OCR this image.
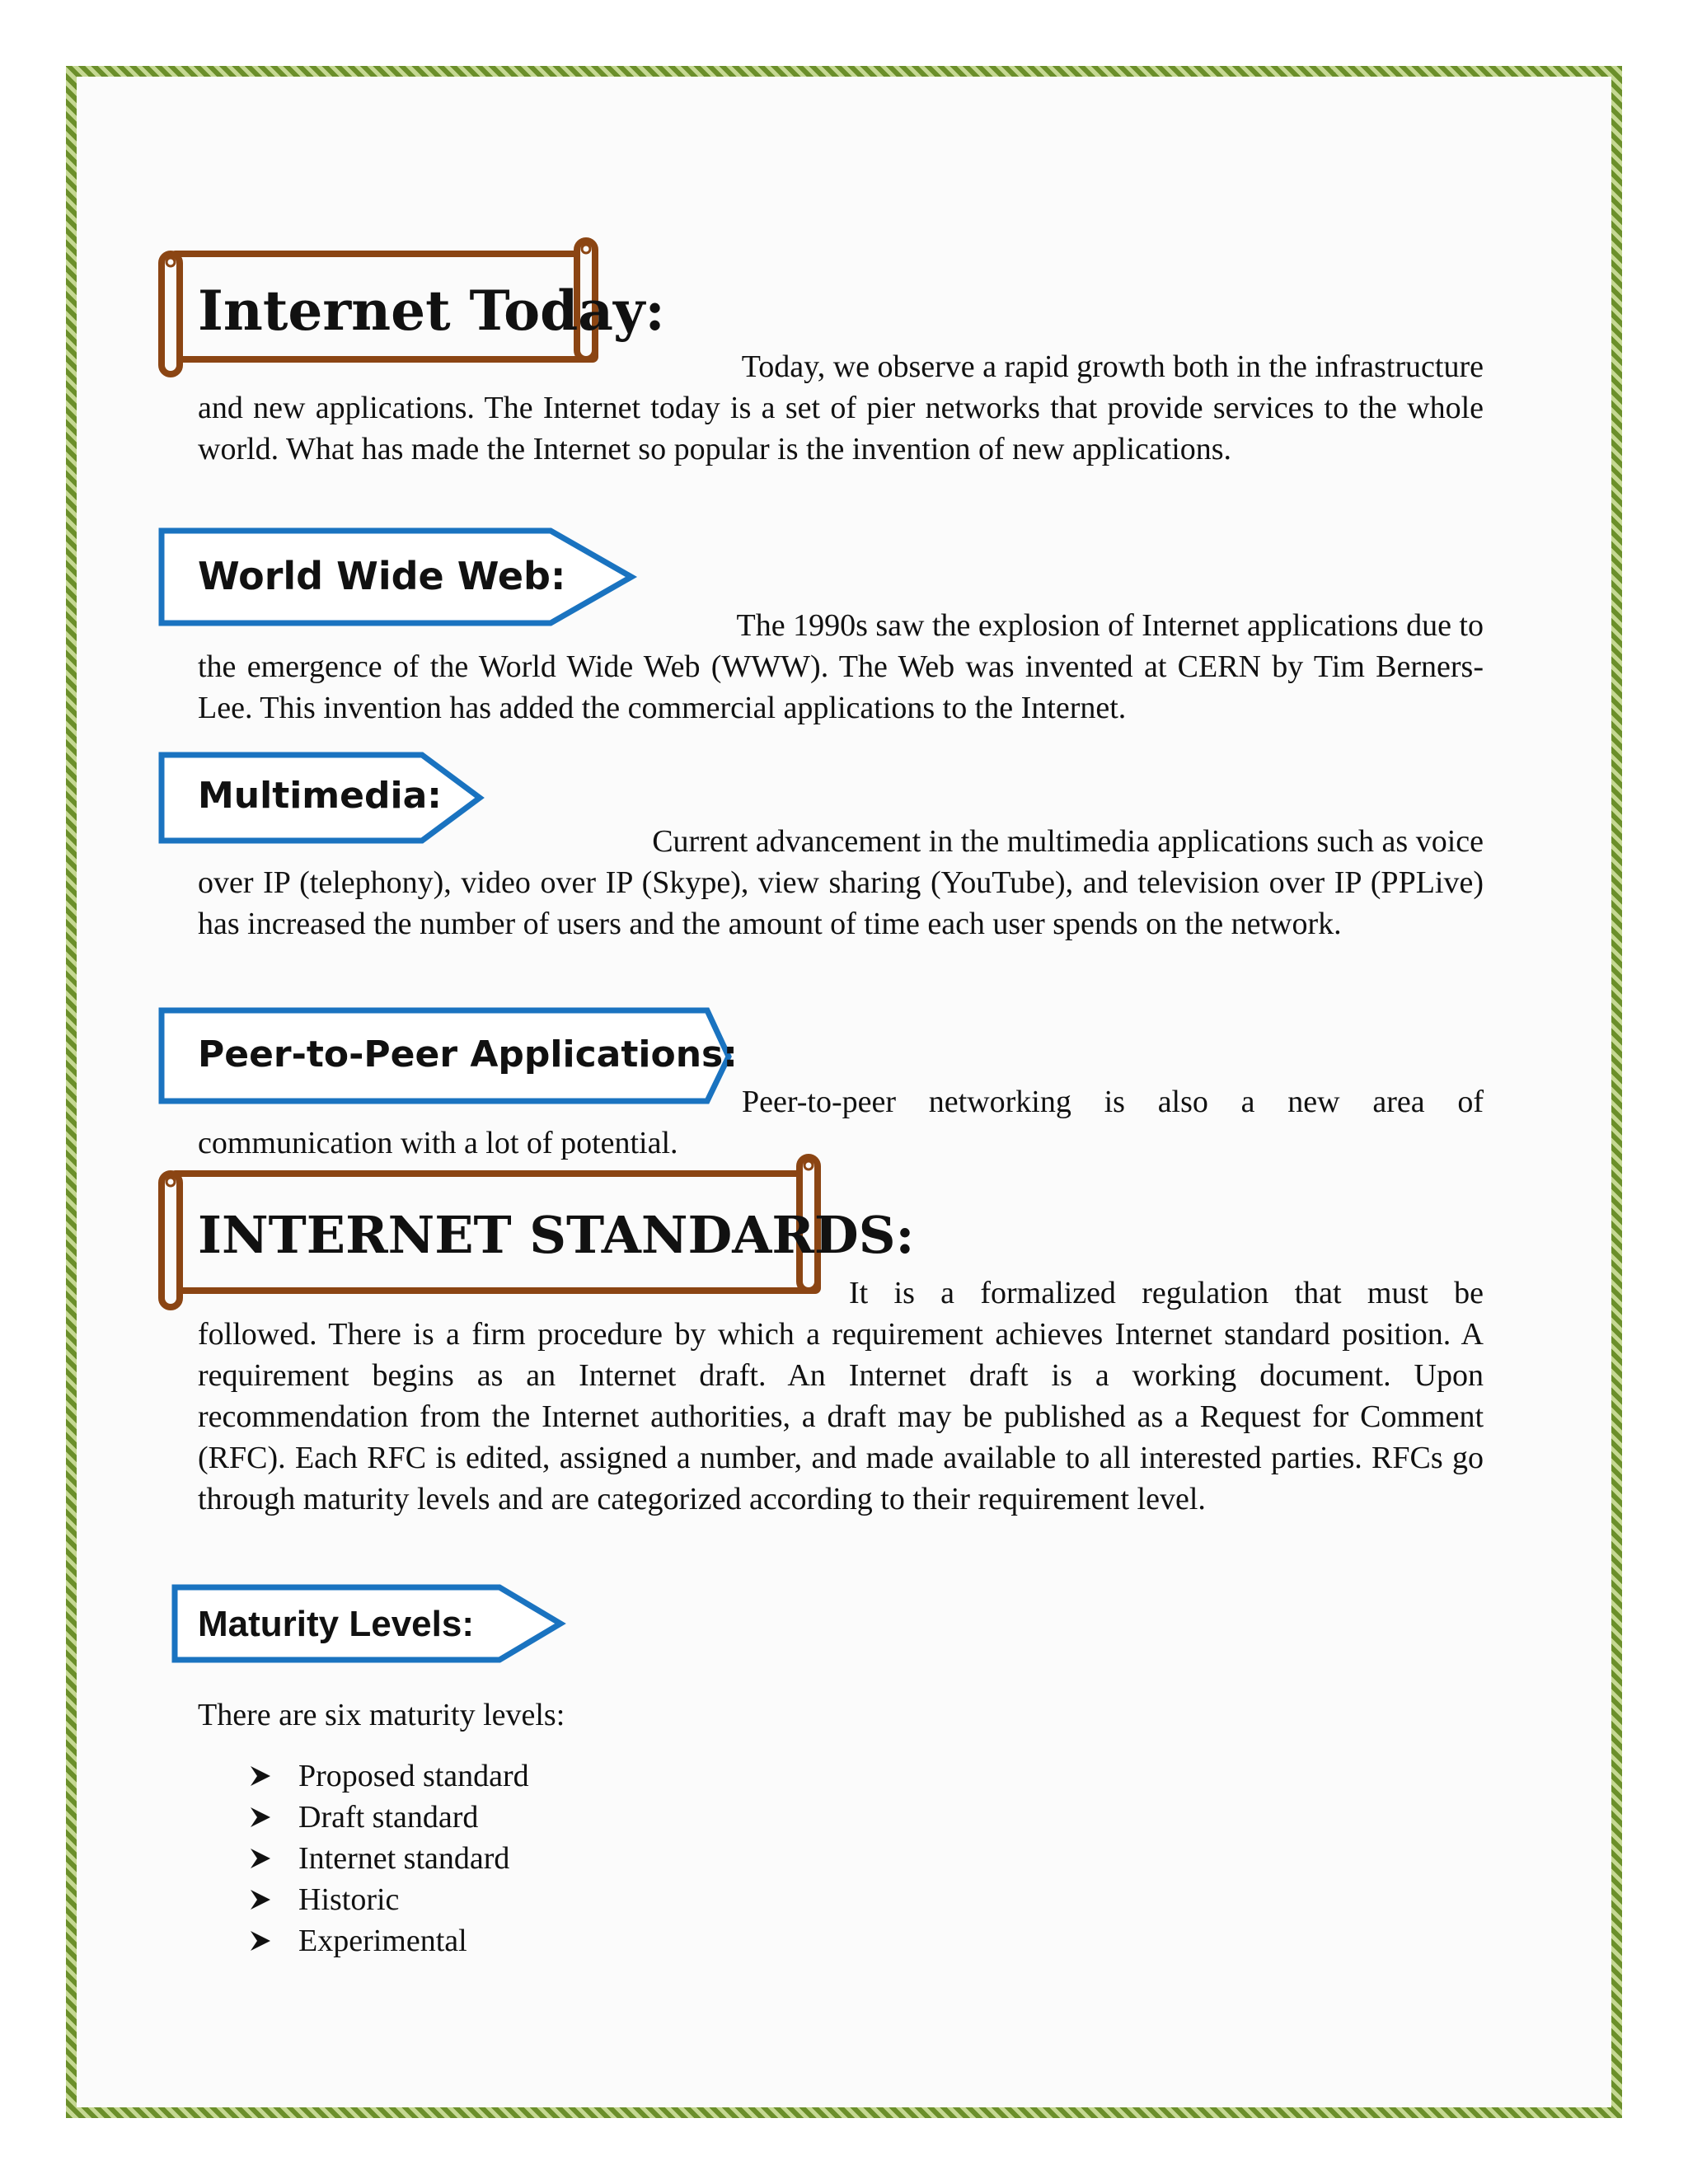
Internet Today:

Today, we observe a rapid growth both in the infrastructure

and new applications. The Internet today is a set of pier networks that provide services to the whole world. What has made the Internet so popular is the invention of new applications.

World Wide Web:

The 1990s saw the explosion of Internet applications due to

the emergence of the World Wide Web (WWW). The Web was invented at CERN by Tim Berners-Lee. This invention has added the commercial applications to the Internet.

Multimedia:

Current advancement in the multimedia applications such as voice

over IP (telephony), video over IP (Skype), view sharing (YouTube), and television over IP (PPLive) has increased the number of users and the amount of time each user spends on the network.

Peer-to-Peer Applications:

Peer-to-peer networking is also a new area of

communication with a lot of potential.

INTERNET STANDARDS:

It is a formalized regulation that must be

followed. There is a firm procedure by which a requirement achieves Internet standard position. A requirement begins as an Internet draft. An Internet draft is a working document. Upon recommendation from the Internet authorities, a draft may be published as a Request for Comment (RFC). Each RFC is edited, assigned a number, and made available to all interested parties. RFCs go through maturity levels and are categorized according to their requirement level.

Maturity Levels:

There are six maturity levels:

Proposed standard
Draft standard
Internet standard
Historic
Experimental
